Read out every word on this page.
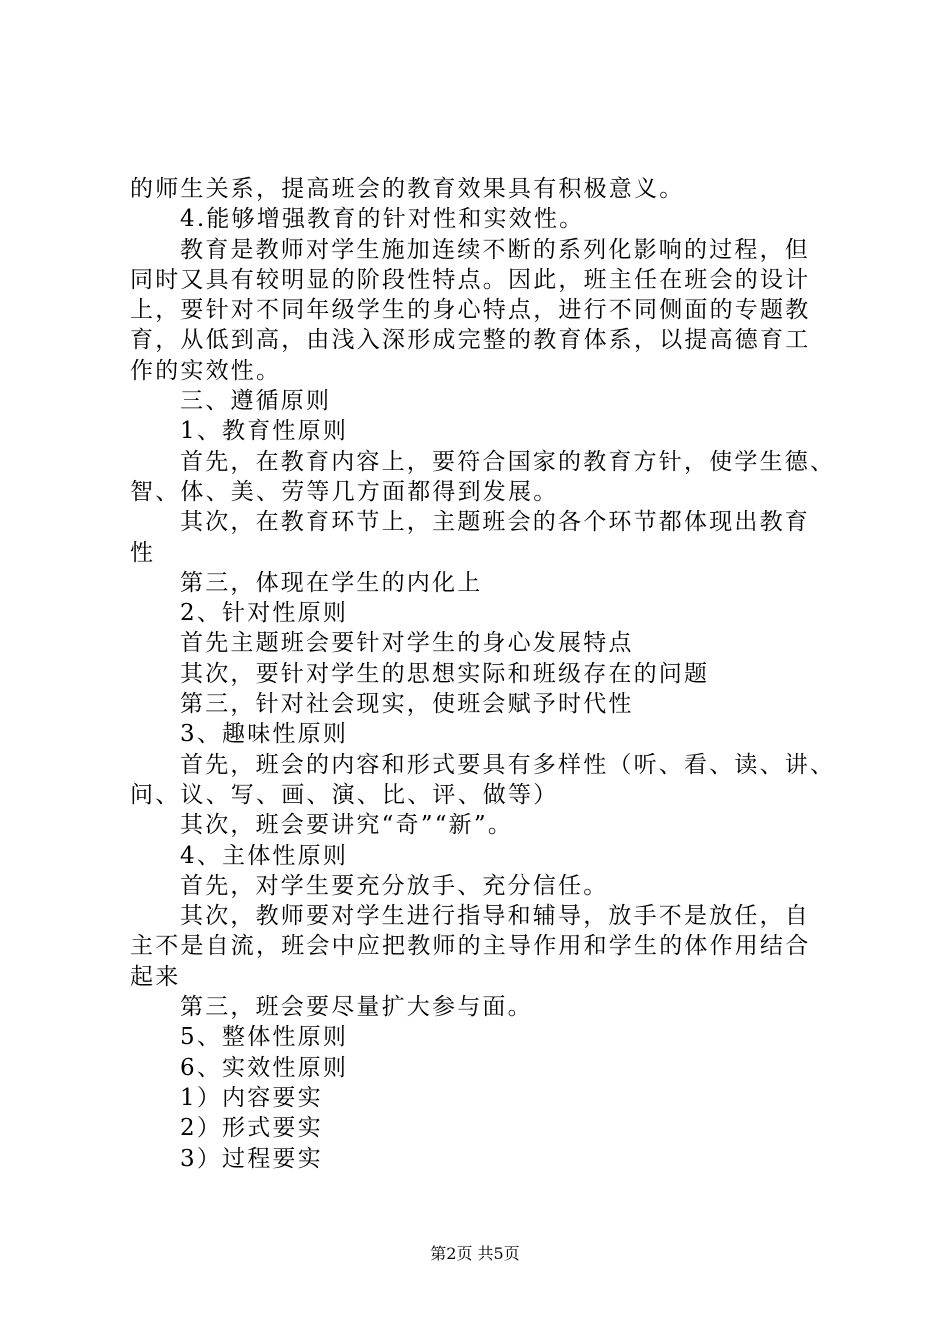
的师生关系，提高班会的教育效果具有积极意义。
4.能够增强教育的针对性和实效性。
教育是教师对学生施加连续不断的系列化影响的过程，但
同时又具有较明显的阶段性特点。因此，班主任在班会的设计
上，要针对不同年级学生的身心特点，进行不同侧面的专题教
育，从低到高，由浅入深形成完整的教育体系，以提高德育工
作的实效性。
三、遵循原则
1、教育性原则
首先，在教育内容上，要符合国家的教育方针，使学生德、
智、体、美、劳等几方面都得到发展。
其次，在教育环节上，主题班会的各个环节都体现出教育
性
第三，体现在学生的内化上
2、针对性原则
首先主题班会要针对学生的身心发展特点
其次，要针对学生的思想实际和班级存在的问题
第三，针对社会现实，使班会赋予时代性
3、趣味性原则
首先，班会的内容和形式要具有多样性（听、看、读、讲、
问、议、写、画、演、比、评、做等）
其次，班会要讲究“奇”“新”。
4、主体性原则
首先，对学生要充分放手、充分信任。
其次，教师要对学生进行指导和辅导，放手不是放任，自
主不是自流，班会中应把教师的主导作用和学生的体作用结合
起来
第三，班会要尽量扩大参与面。
5、整体性原则
6、实效性原则
1）内容要实
2）形式要实
3）过程要实
第2页 共5页
